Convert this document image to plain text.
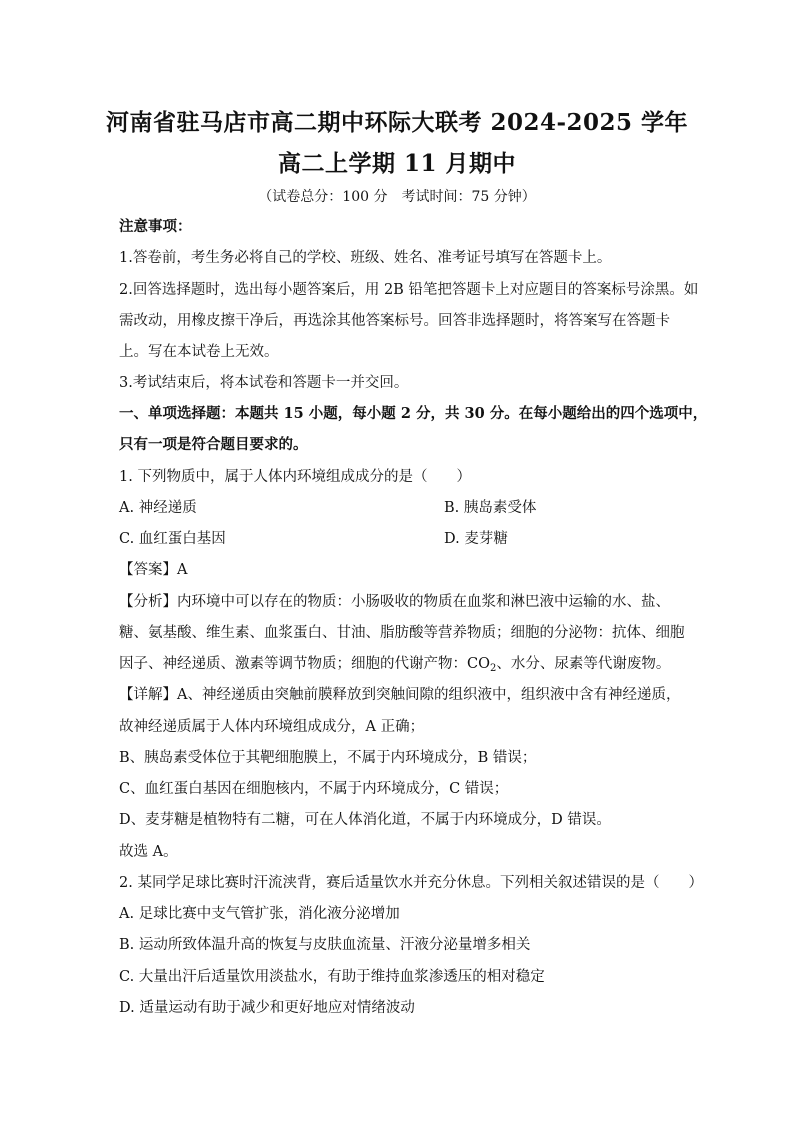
河南省驻马店市高二期中环际大联考 2024-2025 学年
高二上学期 11 月期中
（试卷总分：100 分　考试时间：75 分钟）
注意事项：
1.答卷前，考生务必将自己的学校、班级、姓名、准考证号填写在答题卡上。
2.回答选择题时，选出每小题答案后，用 2B 铅笔把答题卡上对应题目的答案标号涂黑。如
需改动，用橡皮擦干净后，再选涂其他答案标号。回答非选择题时，将答案写在答题卡
上。写在本试卷上无效。
3.考试结束后，将本试卷和答题卡一并交回。
一、单项选择题：本题共 15 小题，每小题 2 分，共 30 分。在每小题给出的四个选项中，
只有一项是符合题目要求的。
1. 下列物质中，属于人体内环境组成成分的是（　　）
A. 神经递质	B. 胰岛素受体
C. 血红蛋白基因	D. 麦芽糖
【答案】A
【分析】内环境中可以存在的物质：小肠吸收的物质在血浆和淋巴液中运输的水、盐、
糖、氨基酸、维生素、血浆蛋白、甘油、脂肪酸等营养物质；细胞的分泌物：抗体、细胞
因子、神经递质、激素等调节物质；细胞的代谢产物：$CO_2$、水分、尿素等代谢废物。
【详解】A、神经递质由突触前膜释放到突触间隙的组织液中，组织液中含有神经递质，
故神经递质属于人体内环境组成成分，A 正确；
B、胰岛素受体位于其靶细胞膜上，不属于内环境成分，B 错误；
C、血红蛋白基因在细胞核内，不属于内环境成分，C 错误；
D、麦芽糖是植物特有二糖，可在人体消化道，不属于内环境成分，D 错误。
故选 A。
2. 某同学足球比赛时汗流浃背，赛后适量饮水并充分休息。下列相关叙述错误的是（　　）
A. 足球比赛中支气管扩张，消化液分泌增加
B. 运动所致体温升高的恢复与皮肤血流量、汗液分泌量增多相关
C. 大量出汗后适量饮用淡盐水，有助于维持血浆渗透压的相对稳定
D. 适量运动有助于减少和更好地应对情绪波动
